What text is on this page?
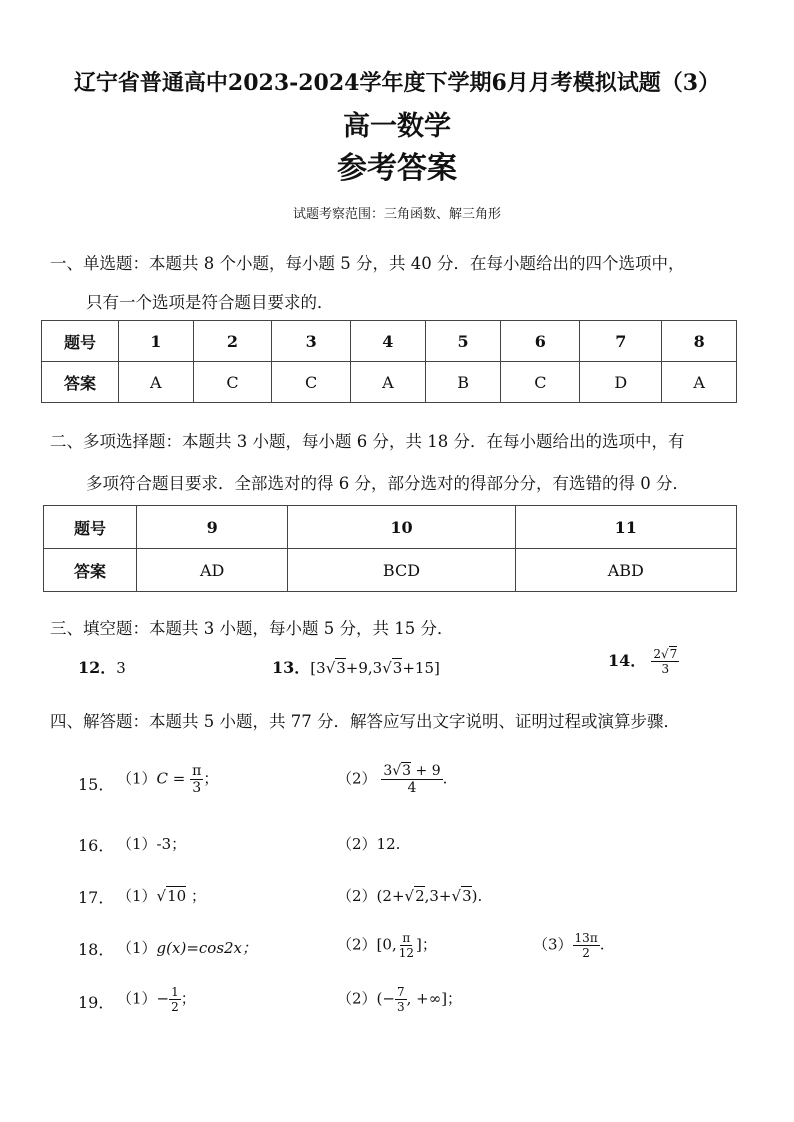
辽宁省普通高中2023-2024学年度下学期6月月考模拟试题（3）
高一数学
参考答案
试题考察范围：三角函数、解三角形
一、单选题：本题共 8 个小题，每小题 5 分，共 40 分．在每小题给出的四个选项中，
只有一个选项是符合题目要求的．
题号	1	2	3	4	5	6	7	8
答案	A	C	C	A	B	C	D	A
二、多项选择题：本题共 3 小题，每小题 6 分，共 18 分．在每小题给出的选项中，有
多项符合题目要求．全部选对的得 6 分，部分选对的得部分分，有选错的得 0 分．
题号	9	10	11
答案	AD	BCD	ABD
三、填空题：本题共 3 小题，每小题 5 分，共 15 分．
12．3	13．[3 √ 3+9,3 √ 3+15]	14． $\frac{2 √ 7}{3}$
四、解答题：本题共 5 小题，共 77 分．解答应写出文字说明、证明过程或演算步骤．
15． $(1)C = \frac{\pi}{3}$ ；	$(2) \frac{3 √ 3 + 9}{4}$ .
16． （1）-3；	（2）12.
17． （1） √ 10 ；	（2）(2+ √ 2,3+ √ 3).
18． （1）g(x)=cos2x；	（2）[0, $\frac{\pi}{12}$ ]；	$(3) \frac{13\pi}{2}$ .
19． $(1)- \frac{1}{2}$ ；	$(2)(- \frac{7}{3}$ , +∞]；
